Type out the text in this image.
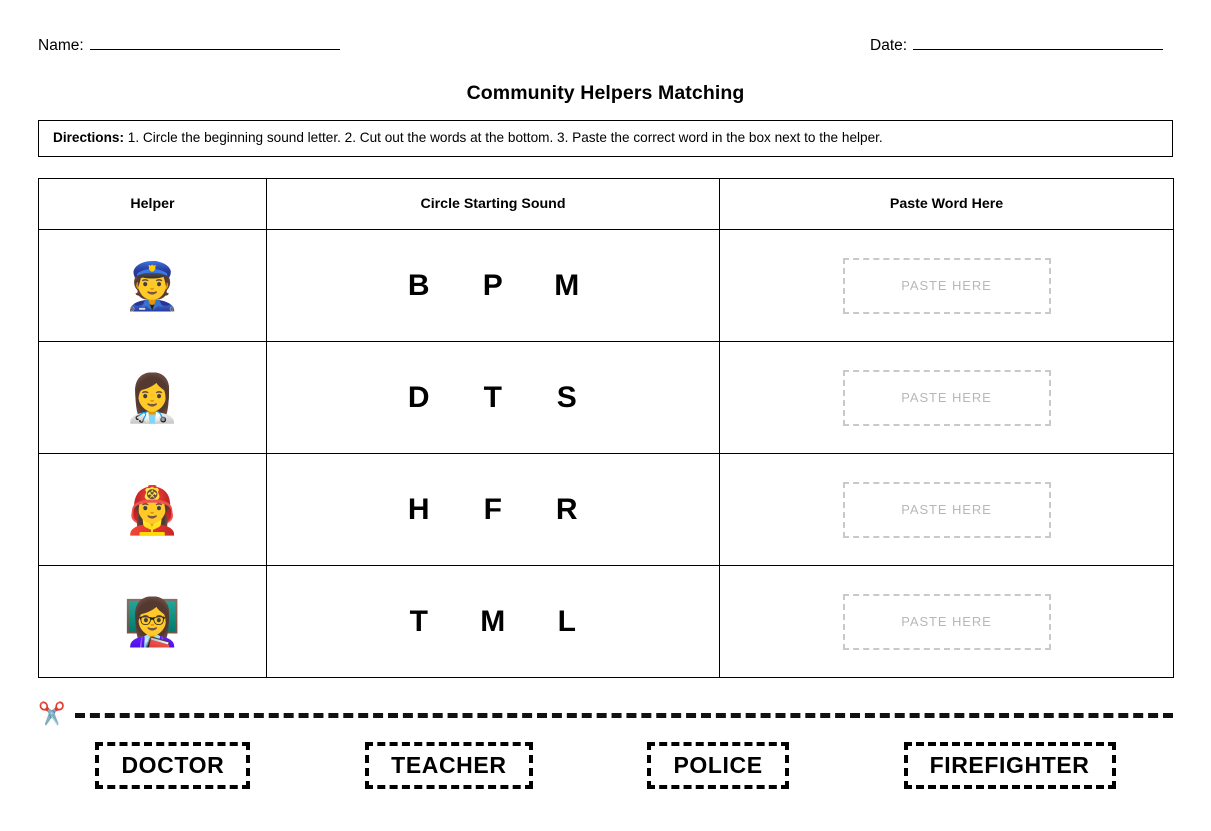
Name:	Date:
Community Helpers Matching
Directions: 1. Circle the beginning sound letter. 2. Cut out the words at the bottom. 3. Paste the correct word in the box next to the helper.
Helper	Circle Starting Sound	Paste Word Here
👮	B P M	PASTE HERE

👩‍⚕️	D T S	PASTE HERE

👩‍🚒	H F R	PASTE HERE

👩‍🏫	T M L	PASTE HERE
✂️
DOCTOR	TEACHER	POLICE	FIREFIGHTER
